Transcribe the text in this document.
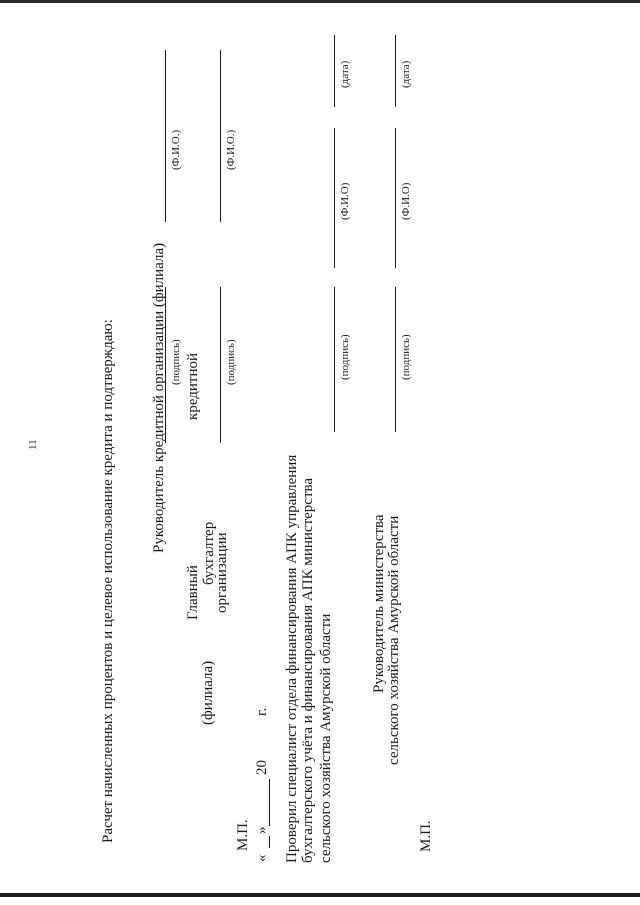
11	Расчет начисленных процентов и целевое использование кредита и подтверждаю: Руководитель кредитной организации (филиала) (подпись)
(Ф.И.О.)
Главный
кредитной
(филиала)
бухгалтер
организации
(подпись)
(Ф.И.О.)
М.П.
«
»
20
г. Проверил специалист отдела финансирования АПК управления бухгалтерского учёта и финансирования АПК министерства сельского хозяйства Амурской области
(подпись)
(Ф.И.О)
(дата)
Руководитель министерства сельского хозяйства Амурской области
(подпись)
(Ф.И.О)
(дата)
М.П.
